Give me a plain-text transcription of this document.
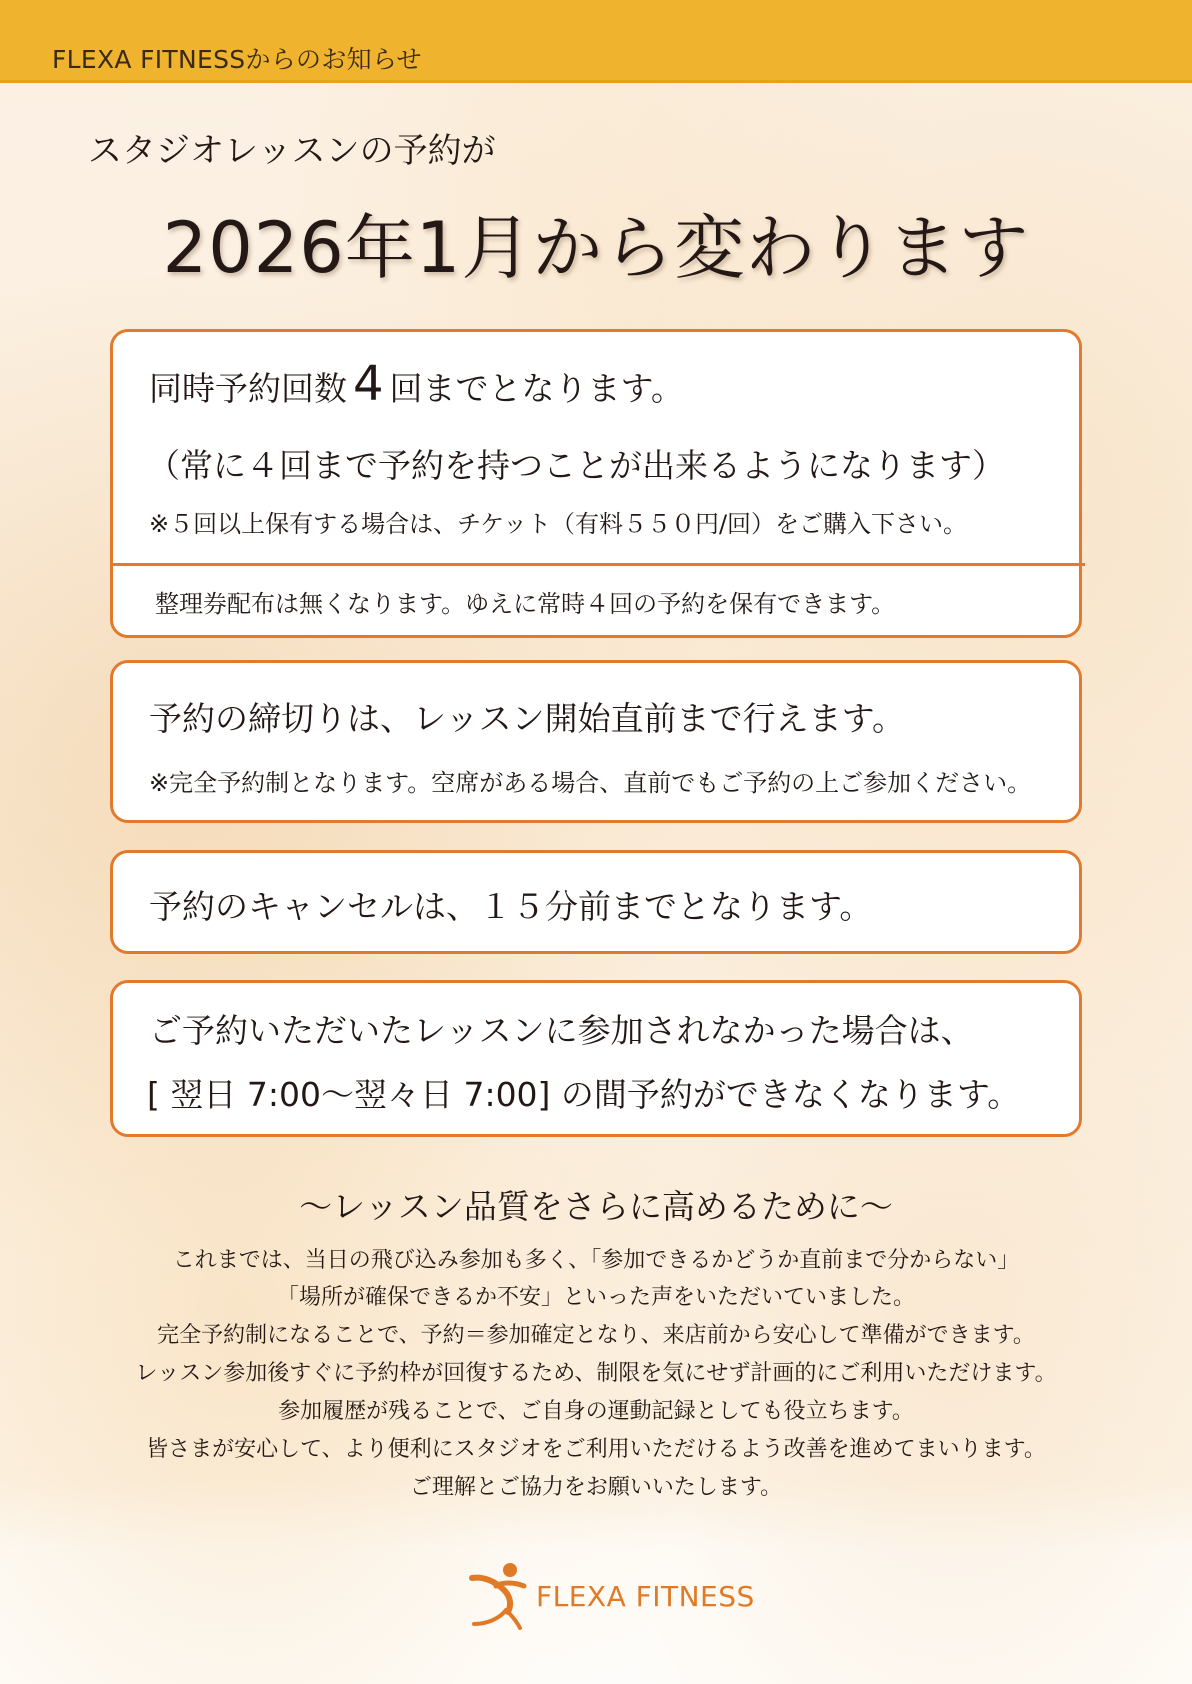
FLEXA FITNESSからのお知らせ
スタジオレッスンの予約が
2026年1月から変わります
同時予約回数 4 回までとなります。
（常に４回まで予約を持つことが出来るようになります）
※５回以上保有する場合は、チケット（有料５５０円/回）をご購入下さい。
整理券配布は無くなります。ゆえに常時４回の予約を保有できます。
予約の締切りは、レッスン開始直前まで行えます。
※完全予約制となります。空席がある場合、直前でもご予約の上ご参加ください。
予約のキャンセルは、１５分前までとなります。
ご予約いただいたレッスンに参加されなかった場合は、
[ 翌日 7:00〜翌々日 7:00] の間予約ができなくなります。
〜レッスン品質をさらに高めるために〜
これまでは、当日の飛び込み参加も多く、「参加できるかどうか直前まで分からない」
「場所が確保できるか不安」といった声をいただいていました。
完全予約制になることで、予約＝参加確定となり、来店前から安心して準備ができます。
レッスン参加後すぐに予約枠が回復するため、制限を気にせず計画的にご利用いただけます。
参加履歴が残ることで、ご自身の運動記録としても役立ちます。
皆さまが安心して、より便利にスタジオをご利用いただけるよう改善を進めてまいります。
ご理解とご協力をお願いいたします。
FLEXA FITNESS
